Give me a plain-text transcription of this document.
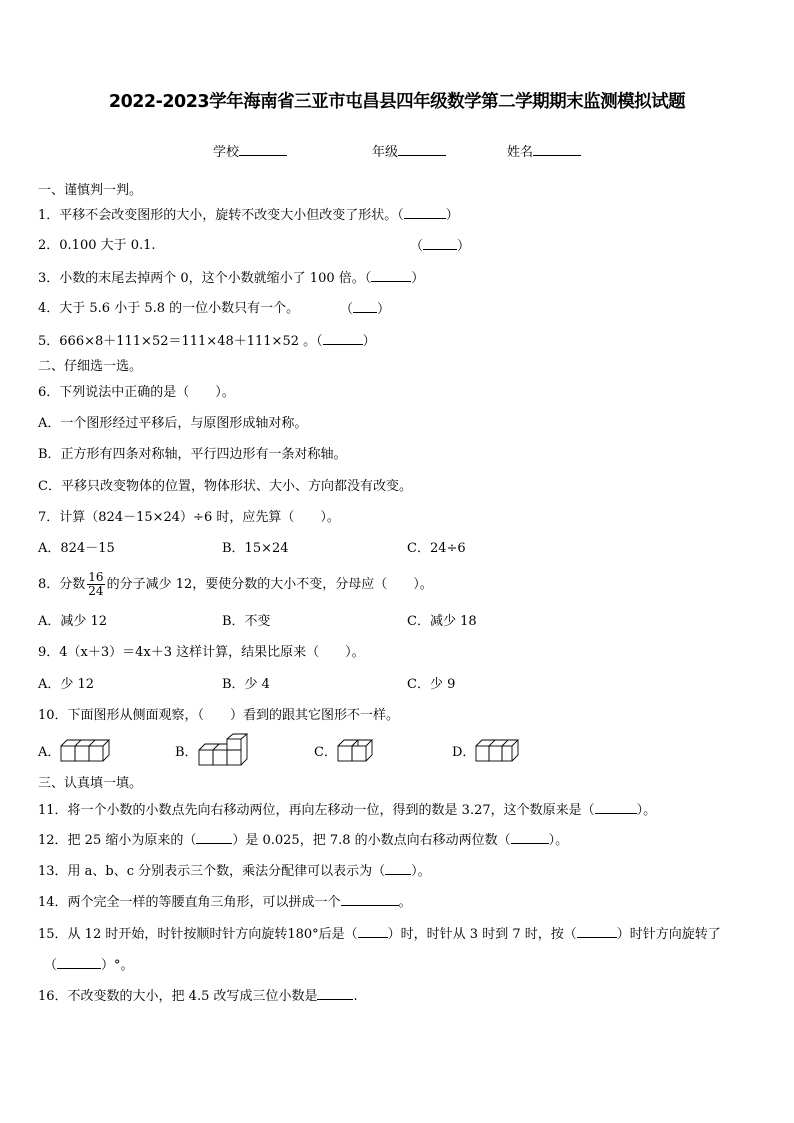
2022-2023学年海南省三亚市屯昌县四年级数学第二学期期末监测模拟试题
学校	年级	姓名
一、谨慎判一判。
1．平移不会改变图形的大小，旋转不改变大小但改变了形状。（	）
2．0.100 大于 0.1.	（	）
3．小数的末尾去掉两个 0，这个小数就缩小了 100 倍。（	）
4．大于 5.6 小于 5.8 的一位小数只有一个。	（ ）
5．666×8＋111×52＝111×48＋111×52 。（	）
二、仔细选一选。
6．下列说法中正确的是（　　）。
A．一个图形经过平移后，与原图形成轴对称。
B．正方形有四条对称轴，平行四边形有一条对称轴。
C．平移只改变物体的位置，物体形状、大小、方向都没有改变。
7．计算（824－15×24）÷6 时，应先算（　　）。
A．824－15	B．15×24	C．24÷6
8．分数 $\frac{16}{24}$ 的分子减少 12，要使分数的大小不变，分母应（　　）。
A．减少 12	B．不变	C．减少 18
9．4（x＋3）＝4x＋3 这样计算，结果比原来（　　）。
A．少 12	B．少 4	C．少 9
10．下面图形从侧面观察，（　　）看到的跟其它图形不一样。
A．	B．	C．	D．
三、认真填一填。
11．将一个小数的小数点先向右移动两位，再向左移动一位，得到的数是 3.27，这个数原来是（	）。
12．把 25 缩小为原来的（	）是 0.025，把 7.8 的小数点向右移动两位数（	）。
13．用 a、b、c 分别表示三个数，乘法分配律可以表示为（ ）。
14．两个完全一样的等腰直角三角形，可以拼成一个	。
15．从 12 时开始，时针按顺时针方向旋转180°后是（ ）时，时针从 3 时到 7 时，按（	）时针方向旋转了
（	）°。
16．不改变数的大小，把 4.5 改写成三位小数是	.
